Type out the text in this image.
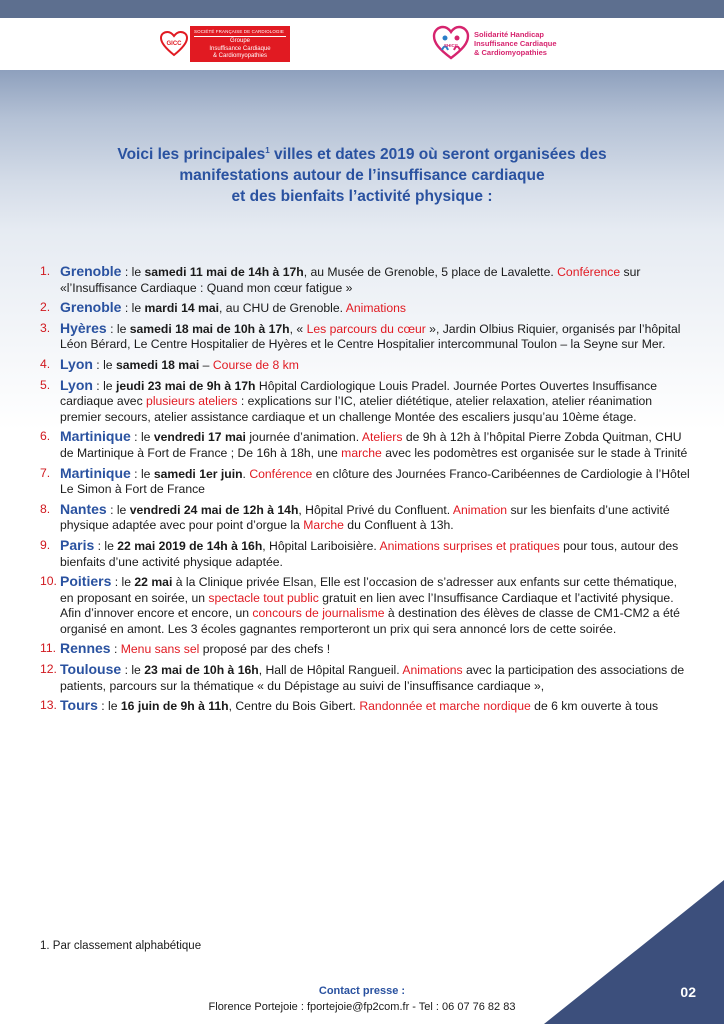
GICC
SOCIÉTÉ FRANÇAISE DE CARDIOLOGIE
Groupe
Insuffisance Cardiaque
& Cardiomyopathies
SHICC
Solidarité Handicap
Insuffisance Cardiaque
& Cardiomyopathies
Voici les principales$^1$ villes et dates 2019 où seront organisées des
manifestations autour de l’insuffisance cardiaque
et des bienfaits l’activité physique :
1. Grenoble : le samedi 11 mai de 14h à 17h, au Musée de Grenoble, 5 place de Lavalette. Conférence sur «l’Insuffisance Cardiaque : Quand mon cœur fatigue »
2. Grenoble : le mardi 14 mai, au CHU de Grenoble. Animations
3. Hyères : le samedi 18 mai de 10h à 17h, « Les parcours du cœur », Jardin Olbius Riquier, organisés par l’hôpital Léon Bérard, Le Centre Hospitalier de Hyères et le Centre Hospitalier intercommunal Toulon – la Seyne sur Mer.
4. Lyon : le samedi 18 mai – Course de 8 km
5. Lyon : le jeudi 23 mai de 9h à 17h Hôpital Cardiologique Louis Pradel. Journée Portes Ouvertes Insuffisance cardiaque avec plusieurs ateliers : explications sur l’IC, atelier diététique, atelier relaxation, atelier réanimation premier secours, atelier assistance cardiaque et un challenge Montée des escaliers jusqu’au 10ème étage.
6. Martinique : le vendredi 17 mai journée d’animation. Ateliers de 9h à 12h à l’hôpital Pierre Zobda Quitman, CHU de Martinique à Fort de France ; De 16h à 18h, une marche avec les podomètres est organisée sur le stade à Trinité
7. Martinique : le samedi 1er juin. Conférence en clôture des Journées Franco-Caribéennes de Cardiologie à l’Hôtel Le Simon à Fort de France
8. Nantes : le vendredi 24 mai de 12h à 14h, Hôpital Privé du Confluent. Animation sur les bienfaits d’une activité physique adaptée avec pour point d’orgue la Marche du Confluent à 13h.
9. Paris : le 22 mai 2019 de 14h à 16h, Hôpital Lariboisière. Animations surprises et pratiques pour tous, autour des bienfaits d’une activité physique adaptée.
10. Poitiers : le 22 mai à la Clinique privée Elsan, Elle est l’occasion de s’adresser aux enfants sur cette thématique, en proposant en soirée, un spectacle tout public gratuit en lien avec l’Insuffisance Cardiaque et l’activité physique. Afin d’innover encore et encore, un concours de journalisme à destination des élèves de classe de CM1-CM2 a été organisé en amont. Les 3 écoles gagnantes remporteront un prix qui sera annoncé lors de cette soirée.
11. Rennes : Menu sans sel proposé par des chefs !
12. Toulouse : le 23 mai de 10h à 16h, Hall de Hôpital Rangueil. Animations avec la participation des associations de patients, parcours sur la thématique « du Dépistage au suivi de l’insuffisance cardiaque »,
13. Tours : le 16 juin de 9h à 11h, Centre du Bois Gibert. Randonnée et marche nordique de 6 km ouverte à tous
1. Par classement alphabétique
Contact presse :
Florence Portejoie : fportejoie@fp2com.fr - Tel : 06 07 76 82 83
02
